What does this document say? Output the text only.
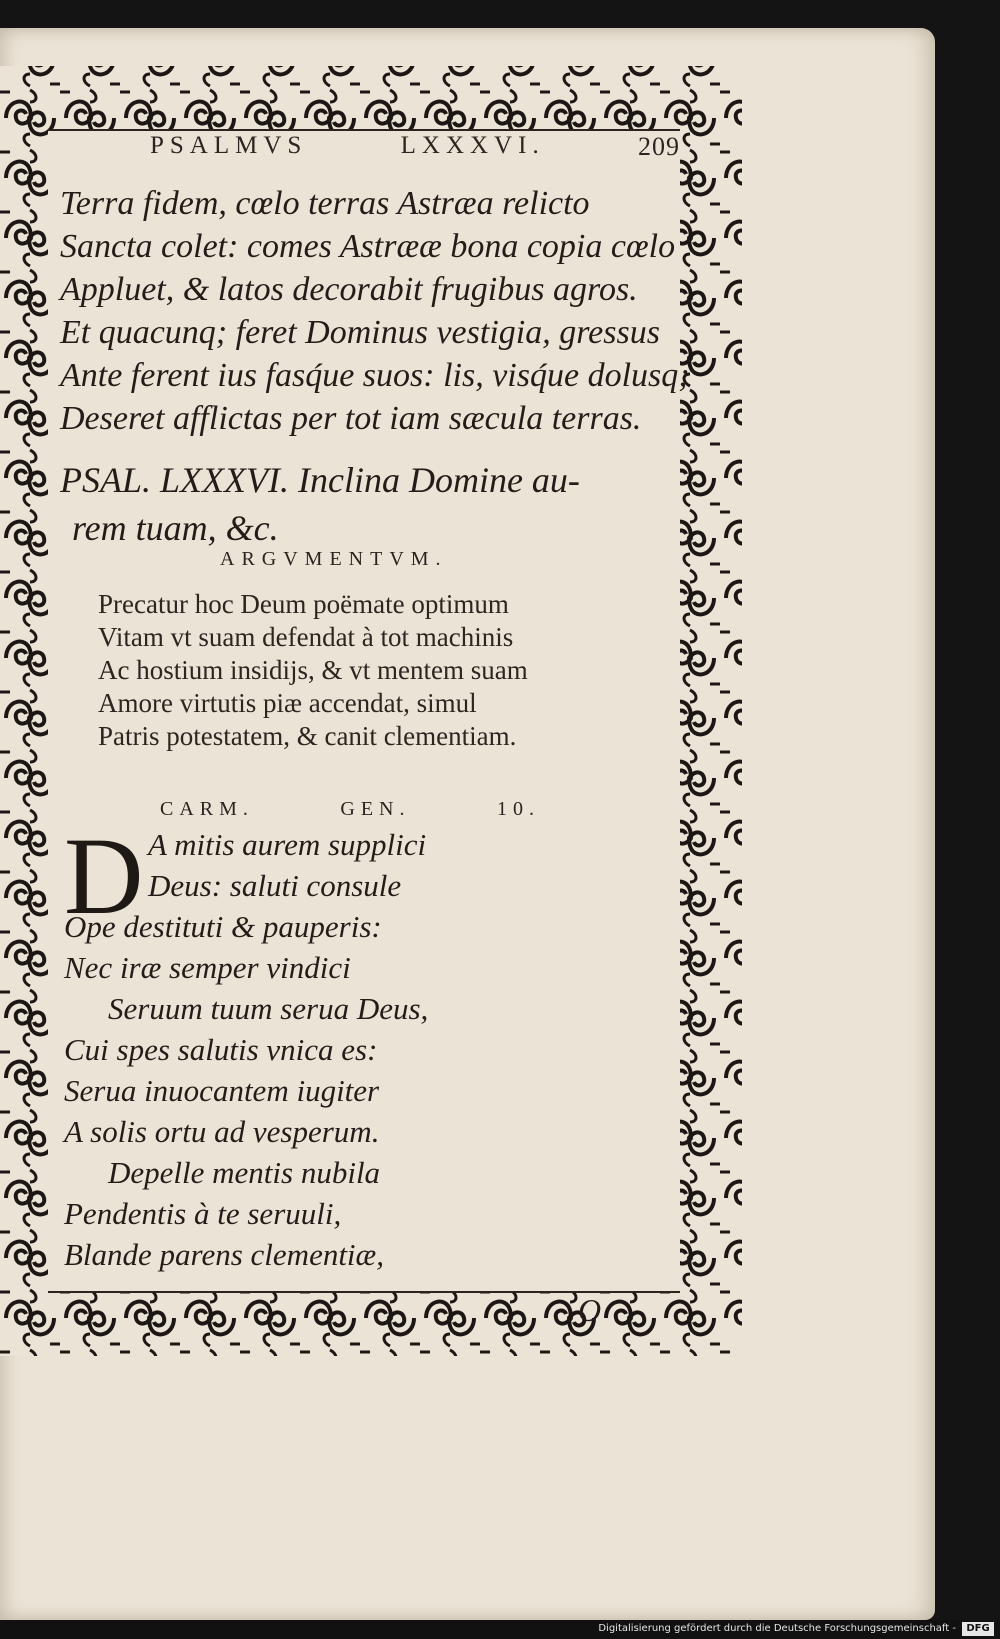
PSALMVS	LXXXVI.	209
Terra fidem, cœlo terras Astræa relicto
Sancta colet: comes Astrææ bona copia cœlo
Appluet, & latos decorabit frugibus agros.
Et quacunq; feret Dominus vestigia, gressus
Ante ferent ius fasq́ue suos: lis, visq́ue dolusq;
Deseret afflictas per tot iam sæcula terras.
PSAL. LXXXVI. Inclina Domine au-
rem tuam, &c.
ARGVMENTVM.
Precatur hoc Deum poëmate optimum
Vitam vt suam defendat à tot machinis
Ac hostium insidijs, & vt mentem suam
Amore virtutis piæ accendat, simul
Patris potestatem, & canit clementiam.
CARM.	GEN.	10.
D A mitis aurem supplici
Deus: saluti consule
Ope destituti & pauperis:
Nec iræ semper vindici
Seruum tuum serua Deus,
Cui spes salutis vnica es:
Serua inuocantem iugiter
A solis ortu ad vesperum.
Depelle mentis nubila
Pendentis à te seruuli,
Blande parens clementiæ,
O
Digitalisierung gefördert durch die Deutsche Forschungsgemeinschaft -	DFG
